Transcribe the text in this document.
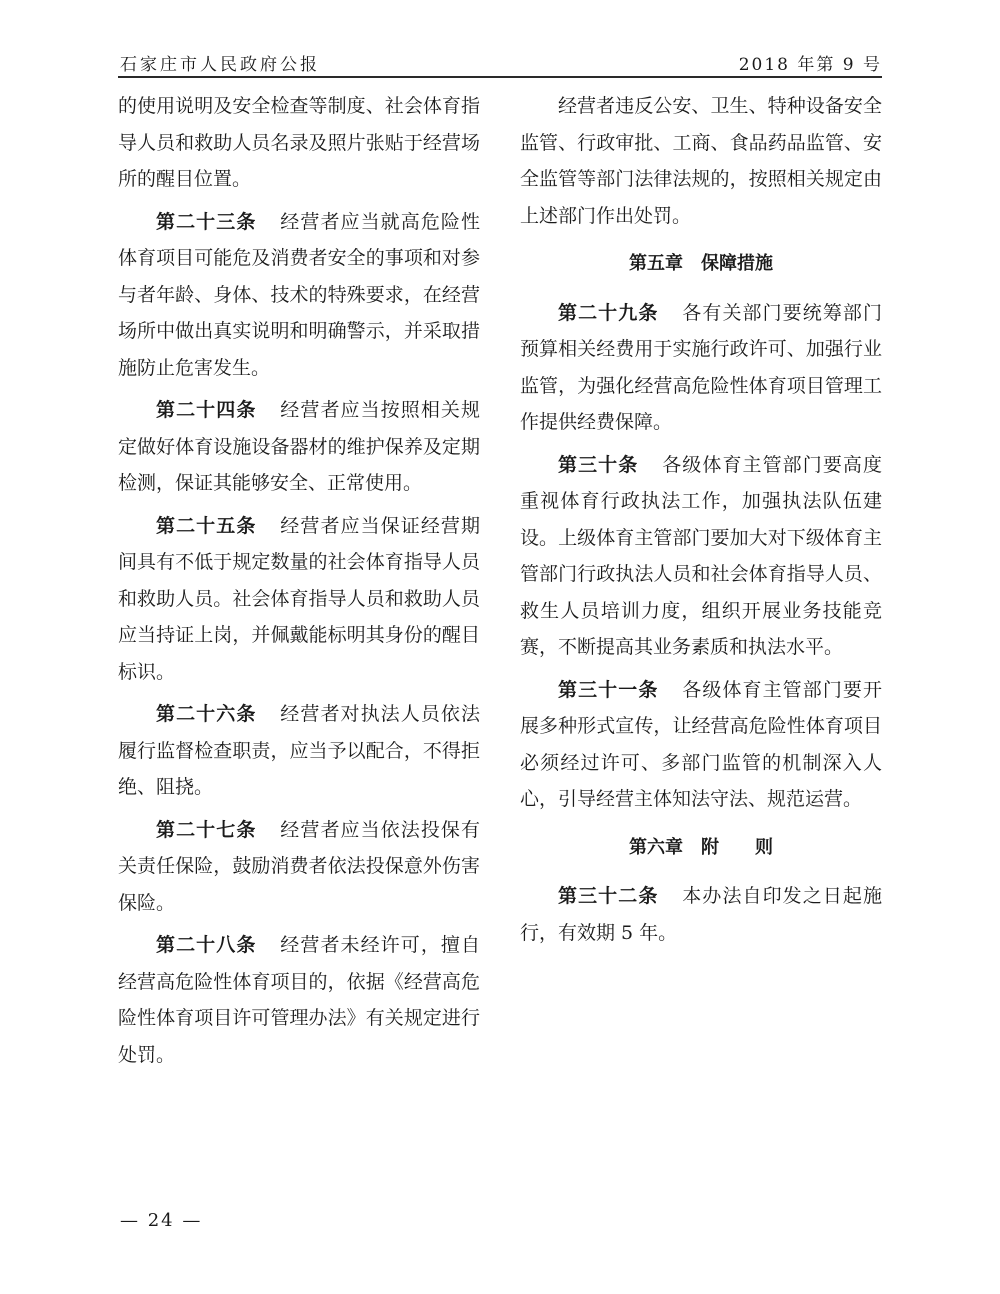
石家庄市人民政府公报	2018 年第 9 号

的使用说明及安全检查等制度、社会体育指导人员和救助人员名录及照片张贴于经营场所的醒目位置。

第二十三条 经营者应当就高危险性体育项目可能危及消费者安全的事项和对参与者年龄、身体、技术的特殊要求，在经营场所中做出真实说明和明确警示，并采取措施防止危害发生。

第二十四条 经营者应当按照相关规定做好体育设施设备器材的维护保养及定期检测，保证其能够安全、正常使用。

第二十五条 经营者应当保证经营期间具有不低于规定数量的社会体育指导人员和救助人员。社会体育指导人员和救助人员应当持证上岗，并佩戴能标明其身份的醒目标识。

第二十六条 经营者对执法人员依法履行监督检查职责，应当予以配合，不得拒绝、阻挠。

第二十七条 经营者应当依法投保有关责任保险，鼓励消费者依法投保意外伤害保险。

第二十八条 经营者未经许可，擅自经营高危险性体育项目的，依据《经营高危险性体育项目许可管理办法》有关规定进行处罚。

经营者违反公安、卫生、特种设备安全监管、行政审批、工商、食品药品监管、安全监管等部门法律法规的，按照相关规定由上述部门作出处罚。

第五章　保障措施

第二十九条 各有关部门要统筹部门预算相关经费用于实施行政许可、加强行业监管，为强化经营高危险性体育项目管理工作提供经费保障。

第三十条 各级体育主管部门要高度重视体育行政执法工作，加强执法队伍建设。上级体育主管部门要加大对下级体育主管部门行政执法人员和社会体育指导人员、救生人员培训力度，组织开展业务技能竞赛，不断提高其业务素质和执法水平。

第三十一条 各级体育主管部门要开展多种形式宣传，让经营高危险性体育项目必须经过许可、多部门监管的机制深入人心，引导经营主体知法守法、规范运营。

第六章　附　　则

第三十二条 本办法自印发之日起施行，有效期 5 年。

— 24 —
